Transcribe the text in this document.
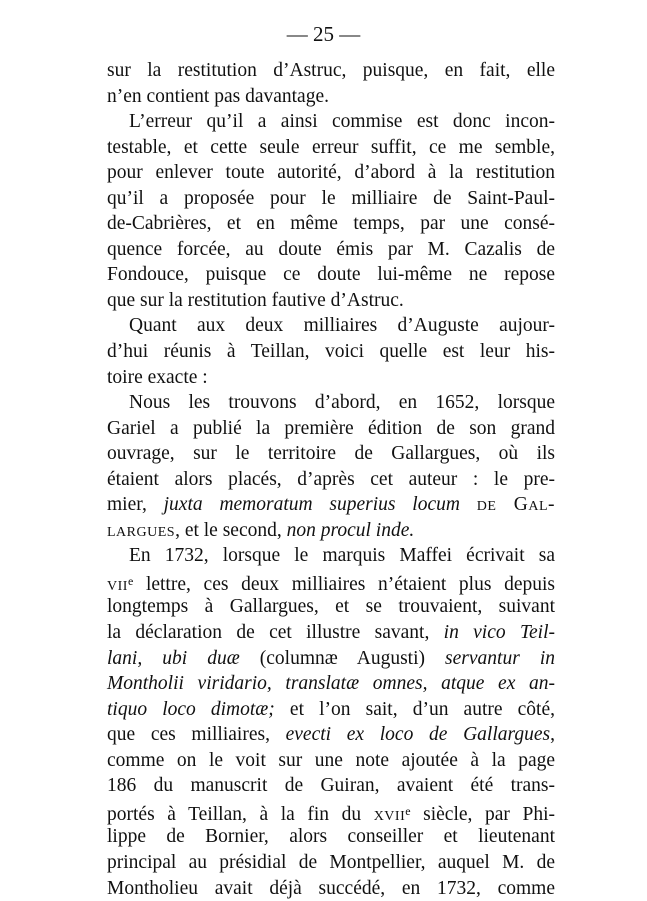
— 25 —
sur la restitution d’Astruc, puisque, en fait, elle
n’en contient pas davantage.
L’erreur qu’il a ainsi commise est donc incon-
testable, et cette seule erreur suffit, ce me semble,
pour enlever toute autorité, d’abord à la restitution
qu’il a proposée pour le milliaire de Saint-Paul-
de-Cabrières, et en même temps, par une consé-
quence forcée, au doute émis par M. Cazalis de
Fondouce, puisque ce doute lui-même ne repose
que sur la restitution fautive d’Astruc.
Quant aux deux milliaires d’Auguste aujour-
d’hui réunis à Teillan, voici quelle est leur his-
toire exacte :
Nous les trouvons d’abord, en 1652, lorsque
Gariel a publié la première édition de son grand
ouvrage, sur le territoire de Gallargues, où ils
étaient alors placés, d’après cet auteur : le pre-
mier, juxta memoratum superius locum de Gal-
largues, et le second, non procul inde.
En 1732, lorsque le marquis Maffei écrivait sa
vii$^e$ lettre, ces deux milliaires n’étaient plus depuis
longtemps à Gallargues, et se trouvaient, suivant
la déclaration de cet illustre savant, in vico Teil-
lani, ubi duæ (columnæ Augusti) servantur in
Montholii viridario, translatæ omnes, atque ex an-
tiquo loco dimotæ; et l’on sait, d’un autre côté,
que ces milliaires, evecti ex loco de Gallargues,
comme on le voit sur une note ajoutée à la page
186 du manuscrit de Guiran, avaient été trans-
portés à Teillan, à la fin du xvii$^e$ siècle, par Phi-
lippe de Bornier, alors conseiller et lieutenant
principal au présidial de Montpellier, auquel M. de
Montholieu avait déjà succédé, en 1732, comme
